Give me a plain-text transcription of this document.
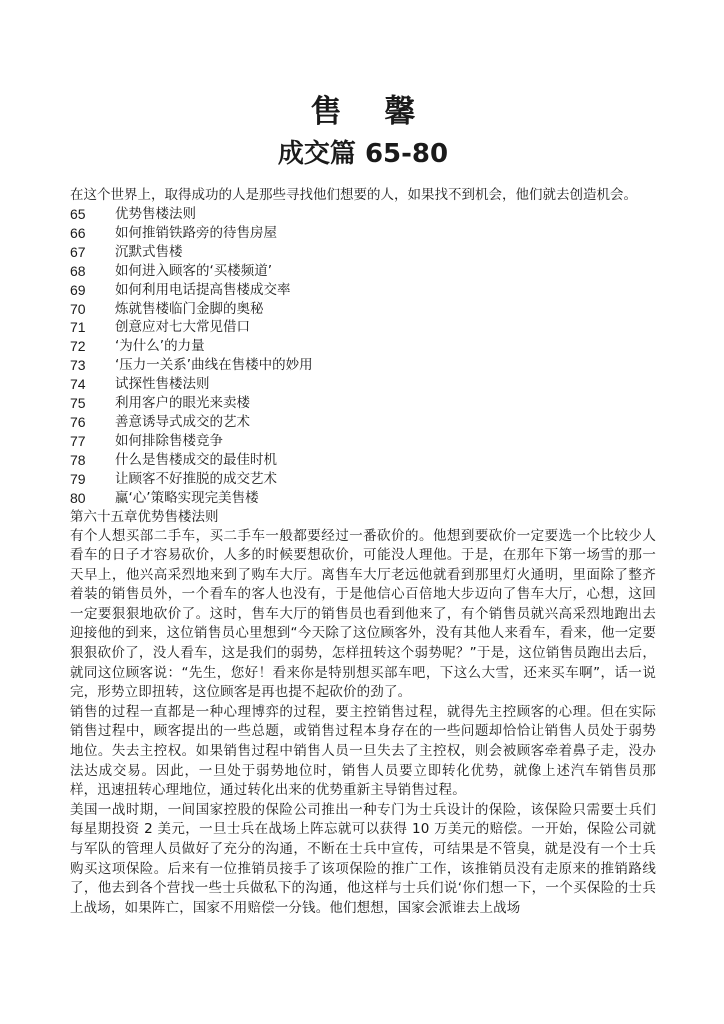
售 馨
成交篇 65-80

在这个世界上，取得成功的人是那些寻找他们想要的人，如果找不到机会，他们就去创造机会。

65	优势售楼法则
66	如何推销铁路旁的待售房屋
67	沉默式售楼
68	如何进入顾客的‘买楼频道’
69	如何利用电话提高售楼成交率
70	炼就售楼临门金脚的奥秘
71	创意应对七大常见借口
72	‘为什么’的力量
73	‘压力一关系’曲线在售楼中的妙用
74	试探性售楼法则
75	利用客户的眼光来卖楼
76	善意诱导式成交的艺术
77	如何排除售楼竞争
78	什么是售楼成交的最佳时机
79	让顾客不好推脱的成交艺术
80	赢‘心’策略实现完美售楼

第六十五章优势售楼法则

有个人想买部二手车，买二手车一般都要经过一番砍价的。他想到要砍价一定要选一个比较少人看车的日子才容易砍价，人多的时候要想砍价，可能没人理他。于是，在那年下第一场雪的那一天早上，他兴高采烈地来到了购车大厅。离售车大厅老远他就看到那里灯火通明，里面除了整齐着装的销售员外，一个看车的客人也没有，于是他信心百倍地大步迈向了售车大厅，心想，这回一定要狠狠地砍价了。这时，售车大厅的销售员也看到他来了，有个销售员就兴高采烈地跑出去迎接他的到来，这位销售员心里想到“今天除了这位顾客外，没有其他人来看车，看来，他一定要狠狠砍价了，没人看车，这是我们的弱势，怎样扭转这个弱势呢？”于是，这位销售员跑出去后，就同这位顾客说：“先生，您好！看来你是特别想买部车吧，下这么大雪，还来买车啊”，话一说完，形势立即扭转，这位顾客是再也提不起砍价的劲了。

销售的过程一直都是一种心理博弈的过程，要主控销售过程，就得先主控顾客的心理。但在实际销售过程中，顾客提出的一些总题，或销售过程本身存在的一些问题却恰恰让销售人员处于弱势地位。失去主控权。如果销售过程中销售人员一旦失去了主控权，则会被顾客牵着鼻子走，没办法达成交易。因此，一旦处于弱势地位时，销售人员要立即转化优势，就像上述汽车销售员那样，迅速扭转心理地位，通过转化出来的优势重新主导销售过程。

美国一战时期，一间国家控股的保险公司推出一种专门为士兵设计的保险，该保险只需要士兵们每星期投资 2 美元，一旦士兵在战场上阵忘就可以获得 10 万美元的赔偿。一开始，保险公司就与军队的管理人员做好了充分的沟通，不断在士兵中宣传，可结果是不管臭，就是没有一个士兵购买这项保险。后来有一位推销员接手了该项保险的推广工作，该推销员没有走原来的推销路线了，他去到各个营找一些士兵做私下的沟通，他这样与士兵们说‘你们想一下，一个买保险的士兵上战场，如果阵亡，国家不用赔偿一分钱。他们想想，国家会派谁去上战场
